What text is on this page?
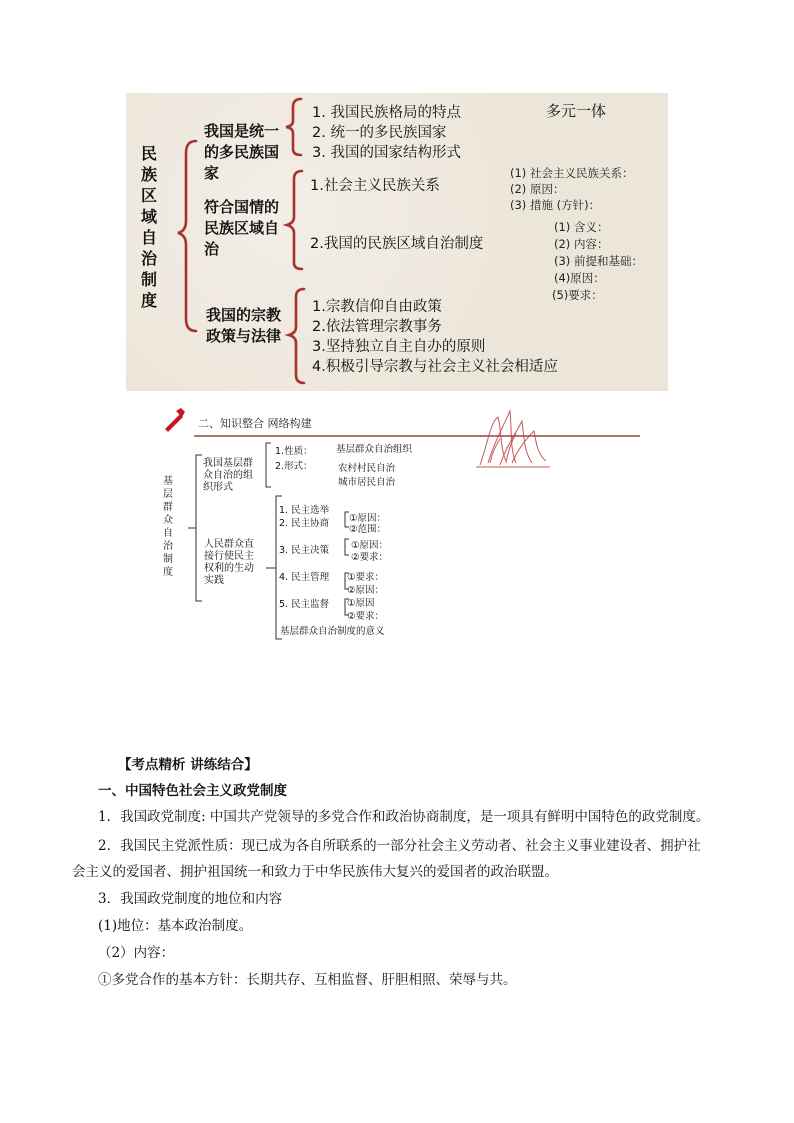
民族区域自治制度
我国是统一的多民族国家
1. 我国民族格局的特点
2. 统一的多民族国家
3. 我国的国家结构形式
多元一体
符合国情的民族区域自治
1.社会主义民族关系
2.我国的民族区域自治制度
(1) 社会主义民族关系：
(2) 原因：
(3) 措施 (方针)：
(1) 含义：
(2) 内容：
(3) 前提和基础：
(4)原因：
(5)要求：
我国的宗教政策与法律
1.宗教信仰自由政策
2.依法管理宗教事务
3.坚持独立自主自办的原则
4.积极引导宗教与社会主义社会相适应
二、知识整合 网络构建
基层群众自治制度
我国基层群众自治的组织形式
1.性质：
2.形式：
基层群众自治组织
农村村民自治
城市居民自治
人民群众直接行使民主权利的生动实践
1. 民主选举
2. 民主协商
3. 民主决策
4. 民主管理
5. 民主监督
①原因：
②范围：
①原因：
②要求：
①要求：
②原因：
①原因
②要求：
基层群众自治制度的意义
【考点精析 讲练结合】
一、中国特色社会主义政党制度
1．我国政党制度: 中国共产党领导的多党合作和政治协商制度，是一项具有鲜明中国特色的政党制度。
2．我国民主党派性质：现已成为各自所联系的一部分社会主义劳动者、社会主义事业建设者、拥护社
会主义的爱国者、拥护祖国统一和致力于中华民族伟大复兴的爱国者的政治联盟。
3．我国政党制度的地位和内容
(1)地位：基本政治制度。
（2）内容：
①多党合作的基本方针：长期共存、互相监督、肝胆相照、荣辱与共。
